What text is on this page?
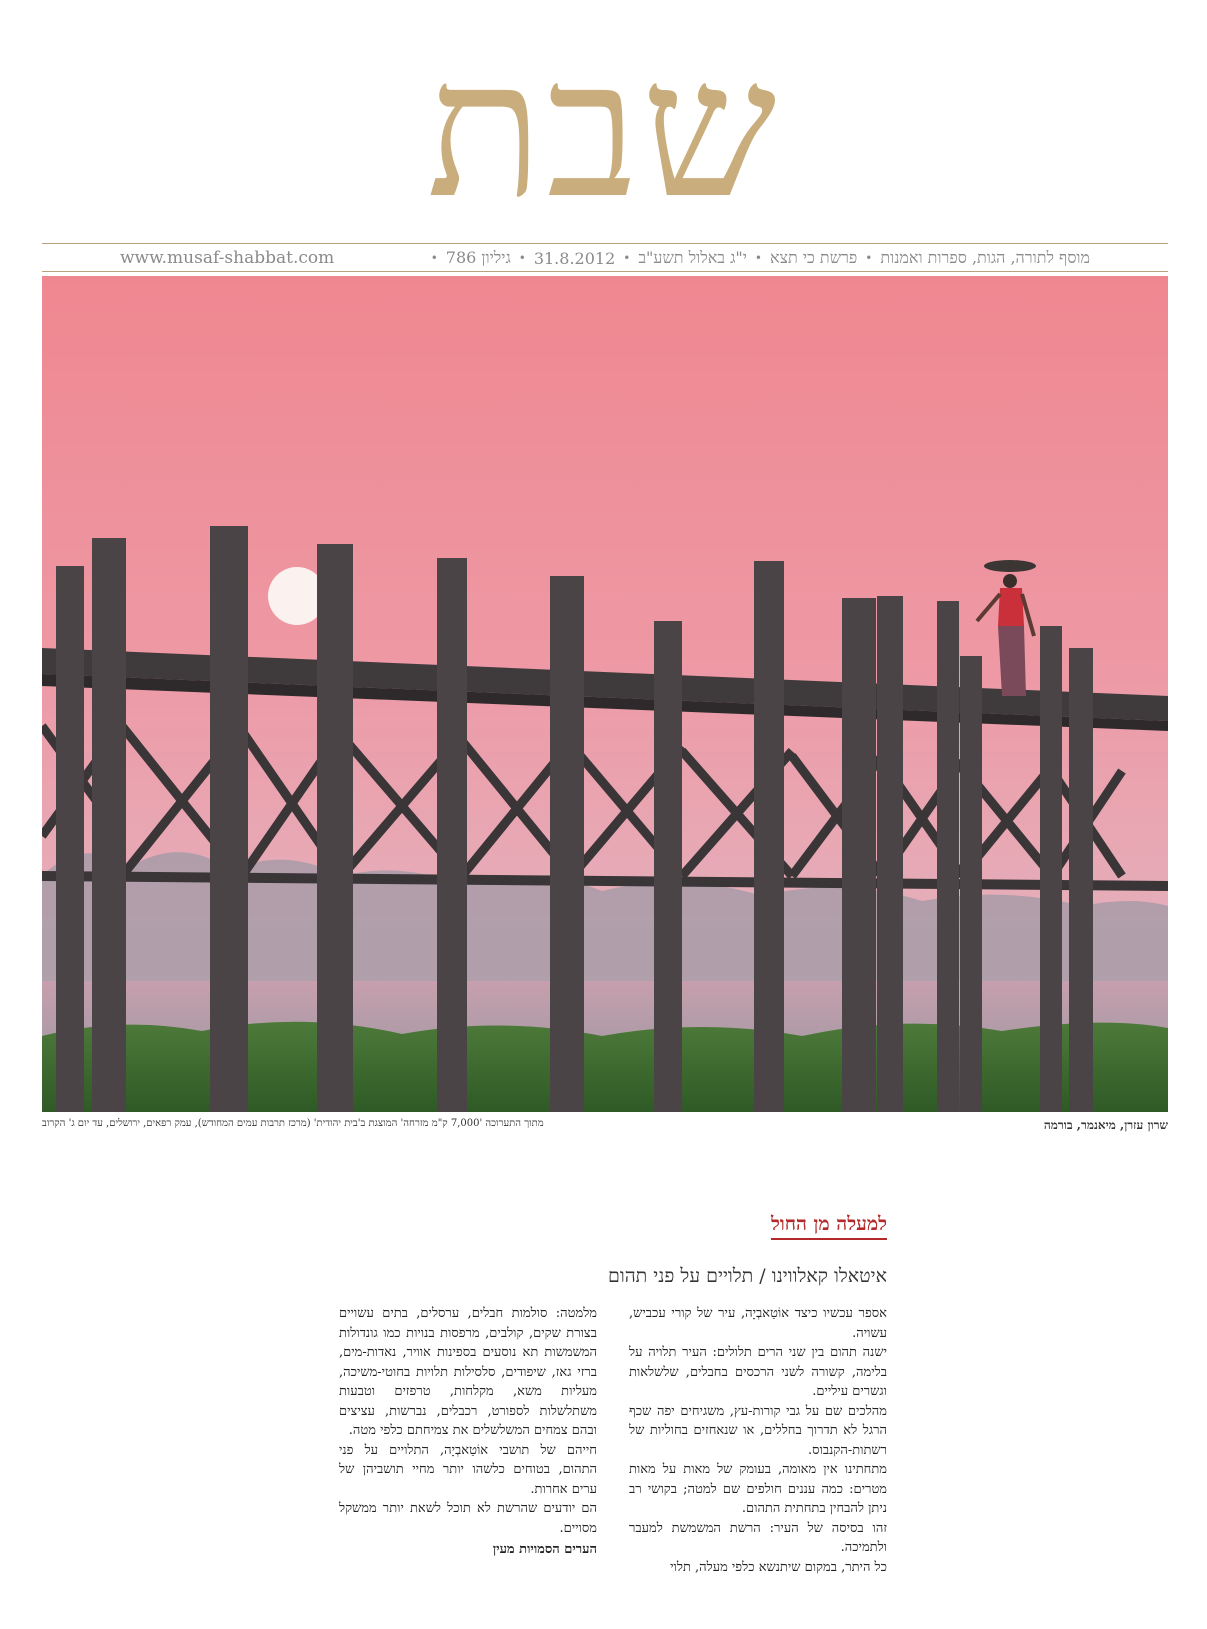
שבת
מוסף לתורה, הגות, ספרות ואמנות
•
פרשת כי תצא
•
י"ג באלול תשע"ב
•
31.8.2012
•
גיליון 786
•
www.musaf-shabbat.com
שרון עזרן, מיאנמר, בורמה
מתוך התערוכה '7,000 ק"מ מזרחה' המוצגת ב'בית יהודית' (מרכז תרבות עמים המחודש), עמק רפאים, ירושלים, עד יום ג' הקרוב
למעלה מן החול
איטאלו קאלווינו / תלויים על פני תהום

אספר עכשיו כיצד אוֹטַאבְיָה, עיר של קורי עכביש, עשויה.

ישנה תהום בין שני הרים תלולים: העיר תלויה על בלימה, קשורה לשני הרכסים בחבלים, שלשלאות וגשרים עיליים.

מהלכים שם על גבי קורות-עץ, משגיחים יפה שכף הרגל לא תדרוך בחללים, או שנאחזים בחוליות של רשתות-הקנבוס.

מתחתינו אין מאומה, בעומק של מאות על מאות מטרים: כמה עננים חולפים שם למטה; בקושי רב ניתן להבחין בתחתית התהום.

זהו בסיסה של העיר: הרשת המשמשת למעבר ולתמיכה.

כל היתר, במקום שיתנשא כלפי מעלה, תלוי

מלמטה: סולמות חבלים, ערסלים, בתים עשויים בצורת שקים, קולבים, מרפסות בנויות כמו גונדולות המשמשות תא נוסעים בספינות אוויר, נאדות-מים, ברזי גאז, שיפודים, סלסילות תלויות בחוטי-משיכה, מעליות משא, מקלחות, טרפזים וטבעות משתלשלות לספורט, רכבלים, נברשות, עציצים ובהם צמחים המשלשלים את צמיחתם כלפי מטה.

חייהם של תושבי אוֹטַאבְיָה, התלויים על פני התהום, בטוחים כלשהו יותר מחיי תושביהן של ערים אחרות.

הם יודעים שהרשת לא תוכל לשאת יותר ממשקל מסויים.

הערים הסמויות מעין
